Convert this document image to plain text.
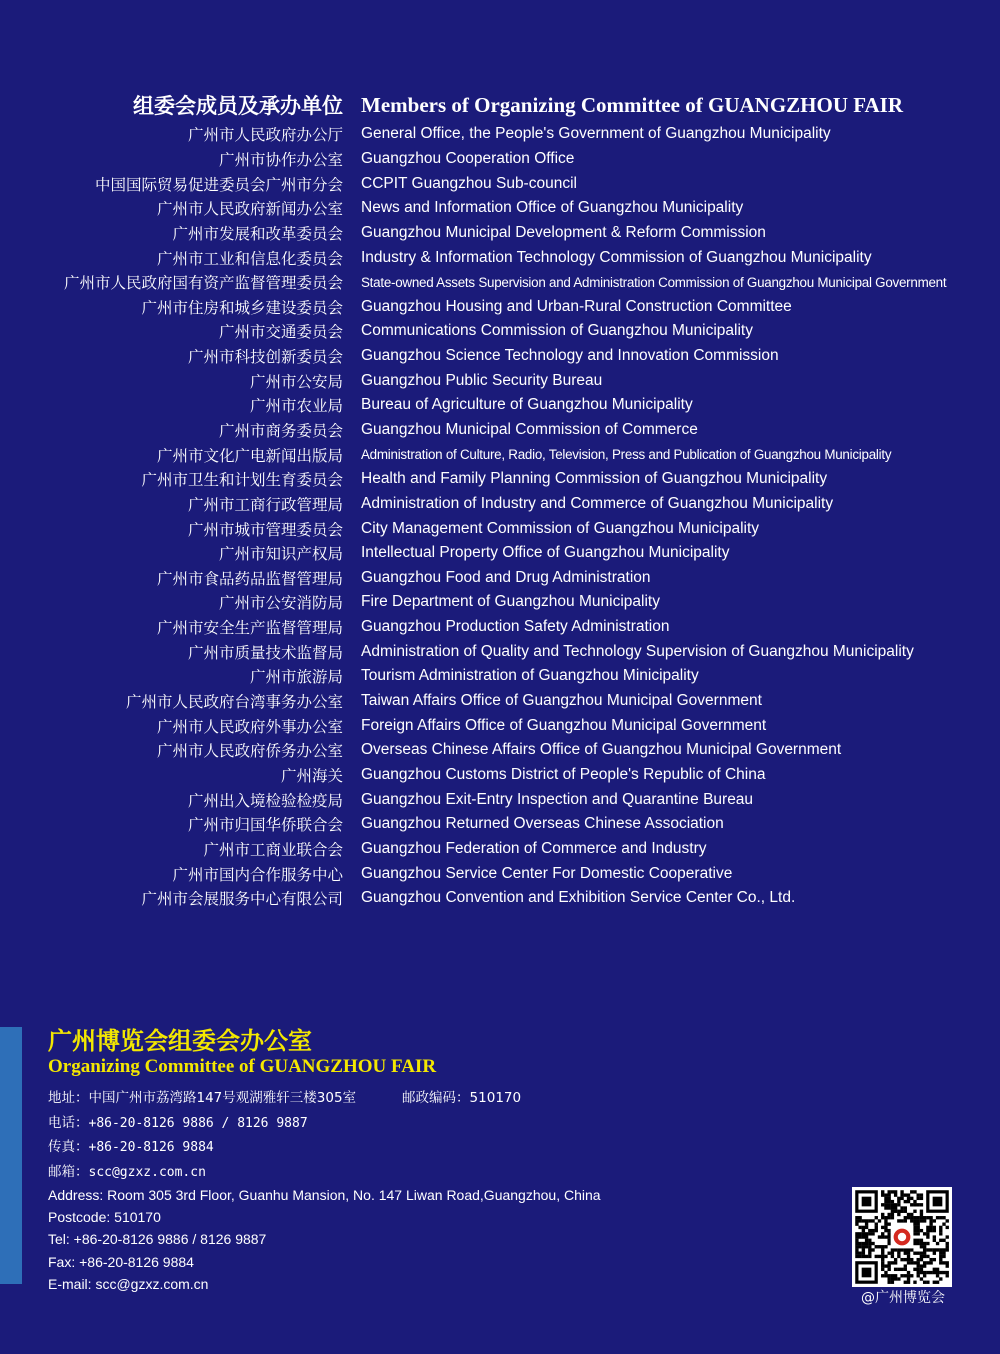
组委会成员及承办单位 Members of Organizing Committee of GUANGZHOU FAIR
广州市人民政府办公厅 General Office, the People's Government of Guangzhou Municipality
广州市协作办公室 Guangzhou Cooperation Office
中国国际贸易促进委员会广州市分会 CCPIT Guangzhou Sub-council
广州市人民政府新闻办公室 News and Information Office of Guangzhou Municipality
广州市发展和改革委员会 Guangzhou Municipal Development & Reform Commission
广州市工业和信息化委员会 Industry & Information Technology Commission of Guangzhou Municipality
广州市人民政府国有资产监督管理委员会 State-owned Assets Supervision and Administration Commission of Guangzhou Municipal Government
广州市住房和城乡建设委员会 Guangzhou Housing and Urban-Rural Construction Committee
广州市交通委员会 Communications Commission of Guangzhou Municipality
广州市科技创新委员会 Guangzhou Science Technology and Innovation Commission
广州市公安局 Guangzhou Public Security Bureau
广州市农业局 Bureau of Agriculture of Guangzhou Municipality
广州市商务委员会 Guangzhou Municipal Commission of Commerce
广州市文化广电新闻出版局 Administration of Culture, Radio, Television, Press and Publication of Guangzhou Municipality
广州市卫生和计划生育委员会 Health and Family Planning Commission of Guangzhou Municipality
广州市工商行政管理局 Administration of Industry and Commerce of Guangzhou Municipality
广州市城市管理委员会 City Management Commission of Guangzhou Municipality
广州市知识产权局 Intellectual Property Office of Guangzhou Municipality
广州市食品药品监督管理局 Guangzhou Food and Drug Administration
广州市公安消防局 Fire Department of Guangzhou Municipality
广州市安全生产监督管理局 Guangzhou Production Safety Administration
广州市质量技术监督局 Administration of Quality and Technology Supervision of Guangzhou Municipality
广州市旅游局 Tourism Administration of Guangzhou Minicipality
广州市人民政府台湾事务办公室 Taiwan Affairs Office of Guangzhou Municipal Government
广州市人民政府外事办公室 Foreign Affairs Office of Guangzhou Municipal Government
广州市人民政府侨务办公室 Overseas Chinese Affairs Office of Guangzhou Municipal Government
广州海关 Guangzhou Customs District of People's Republic of China
广州出入境检验检疫局 Guangzhou Exit-Entry Inspection and Quarantine Bureau
广州市归国华侨联合会 Guangzhou Returned Overseas Chinese Association
广州市工商业联合会 Guangzhou Federation of Commerce and Industry
广州市国内合作服务中心 Guangzhou Service Center For Domestic Cooperative
广州市会展服务中心有限公司 Guangzhou Convention and Exhibition Service Center Co., Ltd.
广州博览会组委会办公室
Organizing Committee of GUANGZHOU FAIR
地址：中国广州市荔湾路147号观湖雅轩三楼305室	邮政编码：510170
电话：+86-20-8126 9886 / 8126 9887
传真：+86-20-8126 9884
邮箱：scc@gzxz.com.cn
Address: Room 305 3rd Floor, Guanhu Mansion, No. 147 Liwan Road,Guangzhou, China
Postcode: 510170
Tel: +86-20-8126 9886 / 8126 9887
Fax: +86-20-8126 9884
E-mail: scc@gzxz.com.cn
@广州博览会
